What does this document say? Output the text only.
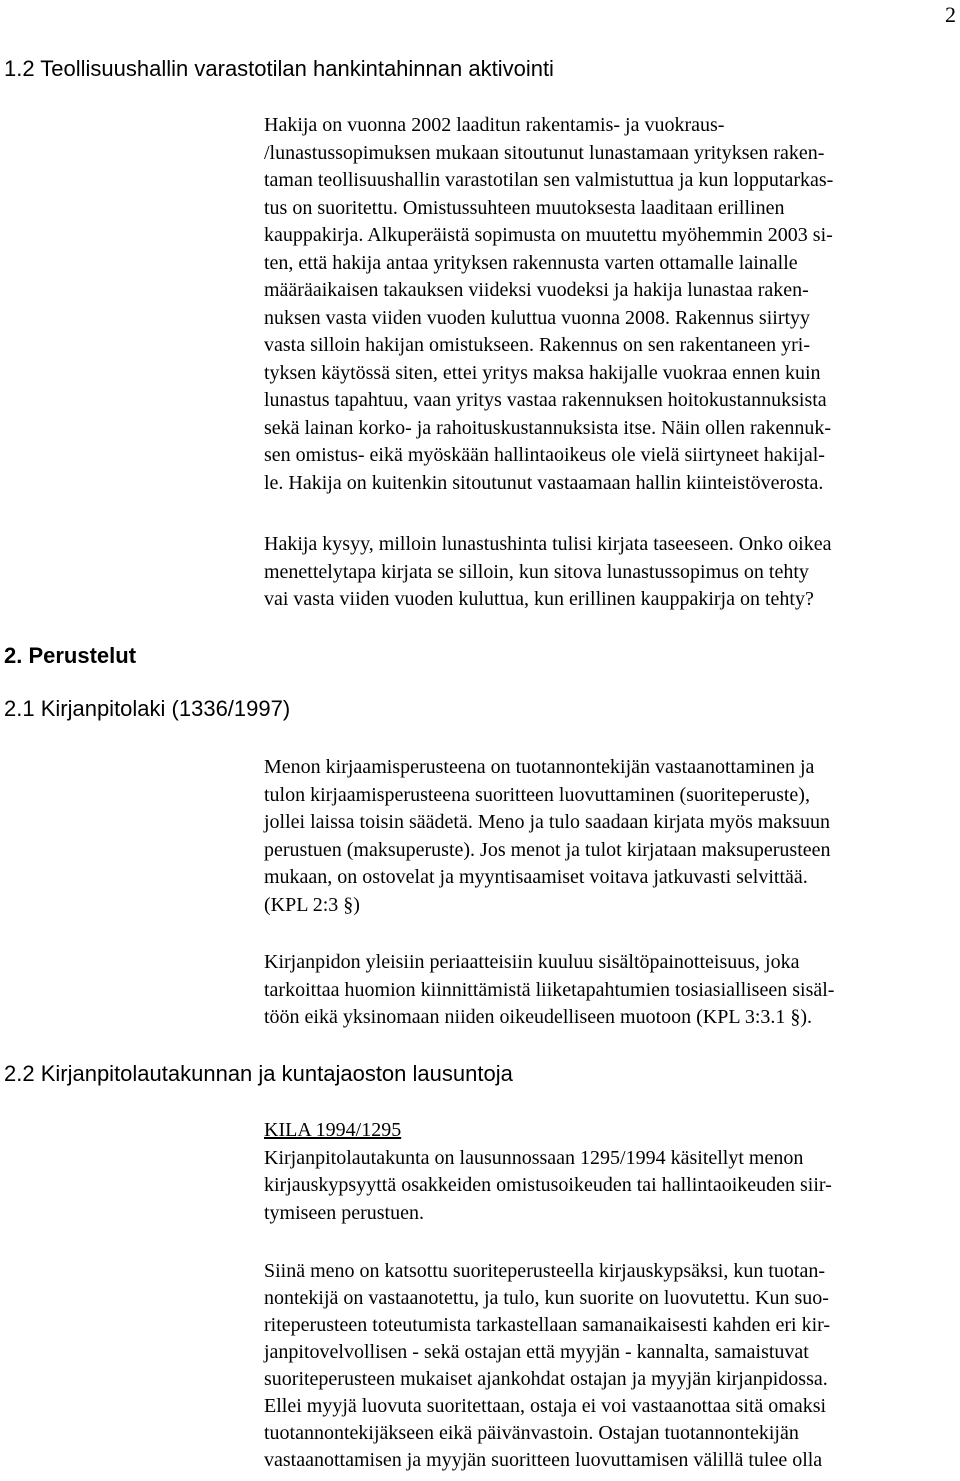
2
1.2 Teollisuushallin varastotilan hankintahinnan aktivointi
Hakija on vuonna 2002 laaditun rakentamis- ja vuokraus-
/lunastussopimuksen mukaan sitoutunut lunastamaan yrityksen raken-
taman teollisuushallin varastotilan sen valmistuttua ja kun lopputarkas-
tus on suoritettu. Omistussuhteen muutoksesta laaditaan erillinen
kauppakirja. Alkuperäistä sopimusta on muutettu myöhemmin 2003 si-
ten, että hakija antaa yrityksen rakennusta varten ottamalle lainalle
määräaikaisen takauksen viideksi vuodeksi ja hakija lunastaa raken-
nuksen vasta viiden vuoden kuluttua vuonna 2008. Rakennus siirtyy
vasta silloin hakijan omistukseen. Rakennus on sen rakentaneen yri-
tyksen käytössä siten, ettei yritys maksa hakijalle vuokraa ennen kuin
lunastus tapahtuu, vaan yritys vastaa rakennuksen hoitokustannuksista
sekä lainan korko- ja rahoituskustannuksista itse. Näin ollen rakennuk-
sen omistus- eikä myöskään hallintaoikeus ole vielä siirtyneet hakijal-
le. Hakija on kuitenkin sitoutunut vastaamaan hallin kiinteistöverosta.
Hakija kysyy, milloin lunastushinta tulisi kirjata taseeseen. Onko oikea
menettelytapa kirjata se silloin, kun sitova lunastussopimus on tehty
vai vasta viiden vuoden kuluttua, kun erillinen kauppakirja on tehty?
2. Perustelut
2.1 Kirjanpitolaki (1336/1997)
Menon kirjaamisperusteena on tuotannontekijän vastaanottaminen ja
tulon kirjaamisperusteena suoritteen luovuttaminen (suoriteperuste),
jollei laissa toisin säädetä. Meno ja tulo saadaan kirjata myös maksuun
perustuen (maksuperuste). Jos menot ja tulot kirjataan maksuperusteen
mukaan, on ostovelat ja myyntisaamiset voitava jatkuvasti selvittää.
(KPL 2:3 §)
Kirjanpidon yleisiin periaatteisiin kuuluu sisältöpainotteisuus, joka
tarkoittaa huomion kiinnittämistä liiketapahtumien tosiasialliseen sisäl-
töön eikä yksinomaan niiden oikeudelliseen muotoon (KPL 3:3.1 §).
2.2 Kirjanpitolautakunnan ja kuntajaoston lausuntoja
KILA 1994/1295
Kirjanpitolautakunta on lausunnossaan 1295/1994 käsitellyt menon
kirjauskypsyyttä osakkeiden omistusoikeuden tai hallintaoikeuden siir-
tymiseen perustuen.
Siinä meno on katsottu suoriteperusteella kirjauskypsäksi, kun tuotan-
nontekijä on vastaanotettu, ja tulo, kun suorite on luovutettu. Kun suo-
riteperusteen toteutumista tarkastellaan samanaikaisesti kahden eri kir-
janpitovelvollisen - sekä ostajan että myyjän - kannalta, samaistuvat
suoriteperusteen mukaiset ajankohdat ostajan ja myyjän kirjanpidossa.
Ellei myyjä luovuta suoritettaan, ostaja ei voi vastaanottaa sitä omaksi
tuotannontekijäkseen eikä päivänvastoin. Ostajan tuotannontekijän
vastaanottamisen ja myyjän suoritteen luovuttamisen välillä tulee olla
